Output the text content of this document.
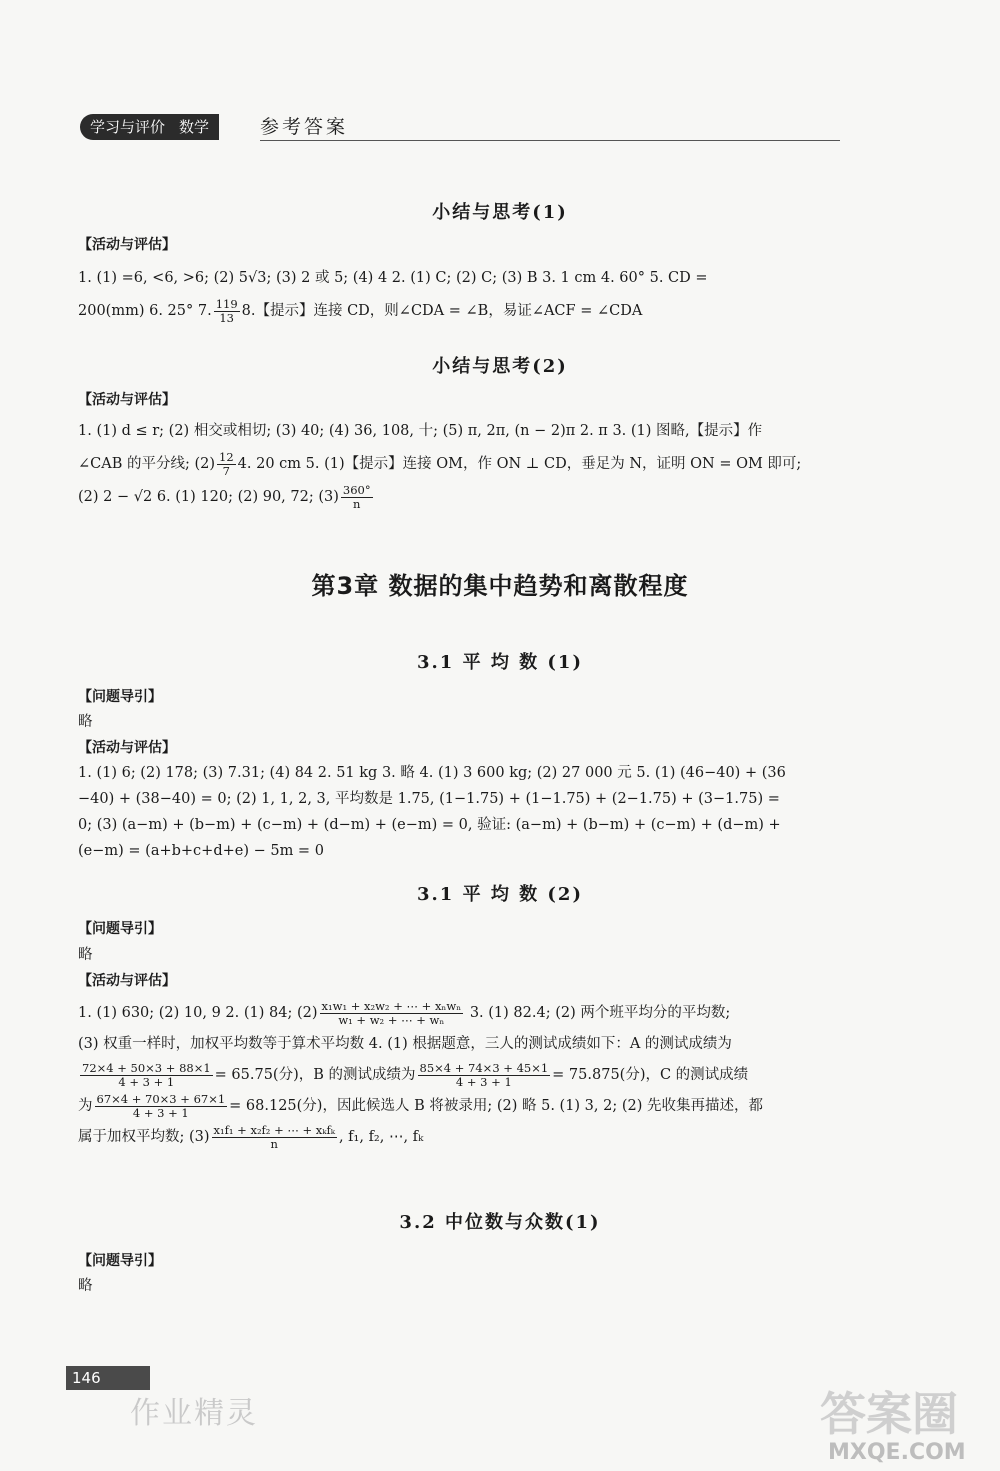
学习与评价 数学	参考答案
小结与思考(1)
【活动与评估】
1. (1) =6, <6, >6; (2) 5√3; (3) 2 或 5; (4) 4 2. (1) C; (2) C; (3) B 3. 1 cm 4. 60° 5. CD =
200(mm) 6. 25° 7. $\frac{119}{13} 8$.【提示】连接 CD，则∠CDA = ∠B，易证∠ACF = ∠CDA
小结与思考(2)
【活动与评估】
1. (1) d ≤ r; (2) 相交或相切; (3) 40; (4) 36, 108, 十; (5) π, 2π, (n − 2)π 2. π 3. (1) 图略,【提示】作
∠CAB 的平分线; $(2) \frac{12}{7} 4$. 20 cm 5. (1)【提示】连接 OM，作 ON ⊥ CD，垂足为 N，证明 ON = OM 即可;
(2) 2 − √2 6. (1) 120; (2) 90, 72; $(3) \frac{360^\circ}{n}$
第3章 数据的集中趋势和离散程度
3.1 平 均 数 (1)
【问题导引】
略
【活动与评估】
1. (1) 6; (2) 178; (3) 7.31; (4) 84 2. 51 kg 3. 略 4. (1) 3 600 kg; (2) 27 000 元 5. (1) (46−40) + (36
−40) + (38−40) = 0; (2) 1, 1, 2, 3, 平均数是 1.75, (1−1.75) + (1−1.75) + (2−1.75) + (3−1.75) =
0; (3) (a−m) + (b−m) + (c−m) + (d−m) + (e−m) = 0, 验证: (a−m) + (b−m) + (c−m) + (d−m) +
(e−m) = (a+b+c+d+e) − 5m = 0
3.1 平 均 数 (2)
【问题导引】
略
【活动与评估】
1. (1) 630; (2) 10, 9 2. (1) 84; $(2) \frac{\text{x₁w₁ + x₂w₂ + ⋯ + xₙwₙ}}{\text{w₁ + w₂ + ⋯ + wₙ}} 3$. (1) 82.4; (2) 两个班平均分的平均数;
(3) 权重一样时，加权平均数等于算术平均数 4. (1) 根据题意，三人的测试成绩如下：A 的测试成绩为
$\frac{72\times 4 + 50\times 3 + 88\times 1}{4 + 3 + 1} = 65.75$(分)，B 的测试成绩为 $\frac{85\times 4 + 74\times 3 + 45\times 1}{4 + 3 + 1} = 75.875$(分)，C 的测试成绩
为 $\frac{67\times 4 + 70\times 3 + 67\times 1}{4 + 3 + 1} = 68.125$(分)，因此候选人 B 将被录用; (2) 略 5. (1) 3, 2; (2) 先收集再描述，都
属于加权平均数; $(3) \frac{\text{x₁f₁ + x₂f₂ + ⋯ + xₖfₖ}}{n}$ , f₁, f₂, ⋯, fₖ
3.2 中位数与众数(1)
【问题导引】
略
146
作业精灵	答案圈
MXQE.COM
